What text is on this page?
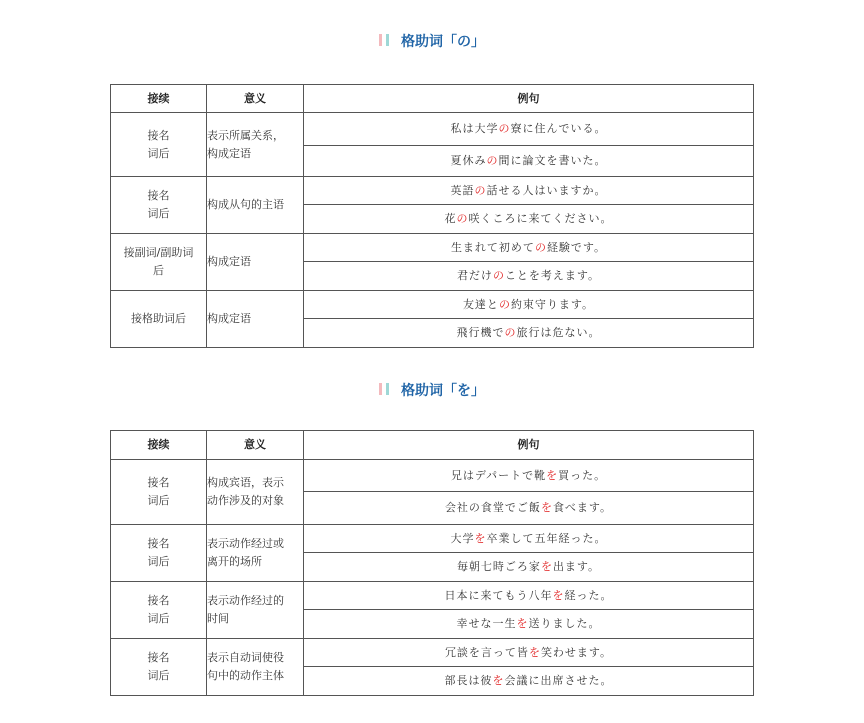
格助词「の」
接续	意义	例句
接名
词后	表示所属关系，
构成定语	私は大学の寮に住んでいる。
		夏休みの間に論文を書いた。
接名
词后	构成从句的主语	英語の話せる人はいますか。
		花の咲くころに来てください。
接副词/副助词
后	构成定语	生まれて初めての経験です。
		君だけのことを考えます。
接格助词后	构成定语	友達との約束守ります。
		飛行機での旅行は危ない。
格助词「を」
接续	意义	例句
接名
词后	构成宾语，表示
动作涉及的对象	兄はデパートで靴を買った。
		会社の食堂でご飯を食べます。
接名
词后	表示动作经过或
离开的场所	大学を卒業して五年経った。
		毎朝七時ごろ家を出ます。
接名
词后	表示动作经过的
时间	日本に来てもう八年を経った。
		幸せな一生を送りました。
接名
词后	表示自动词使役
句中的动作主体	冗談を言って皆を笑わせます。
		部長は彼を会議に出席させた。
